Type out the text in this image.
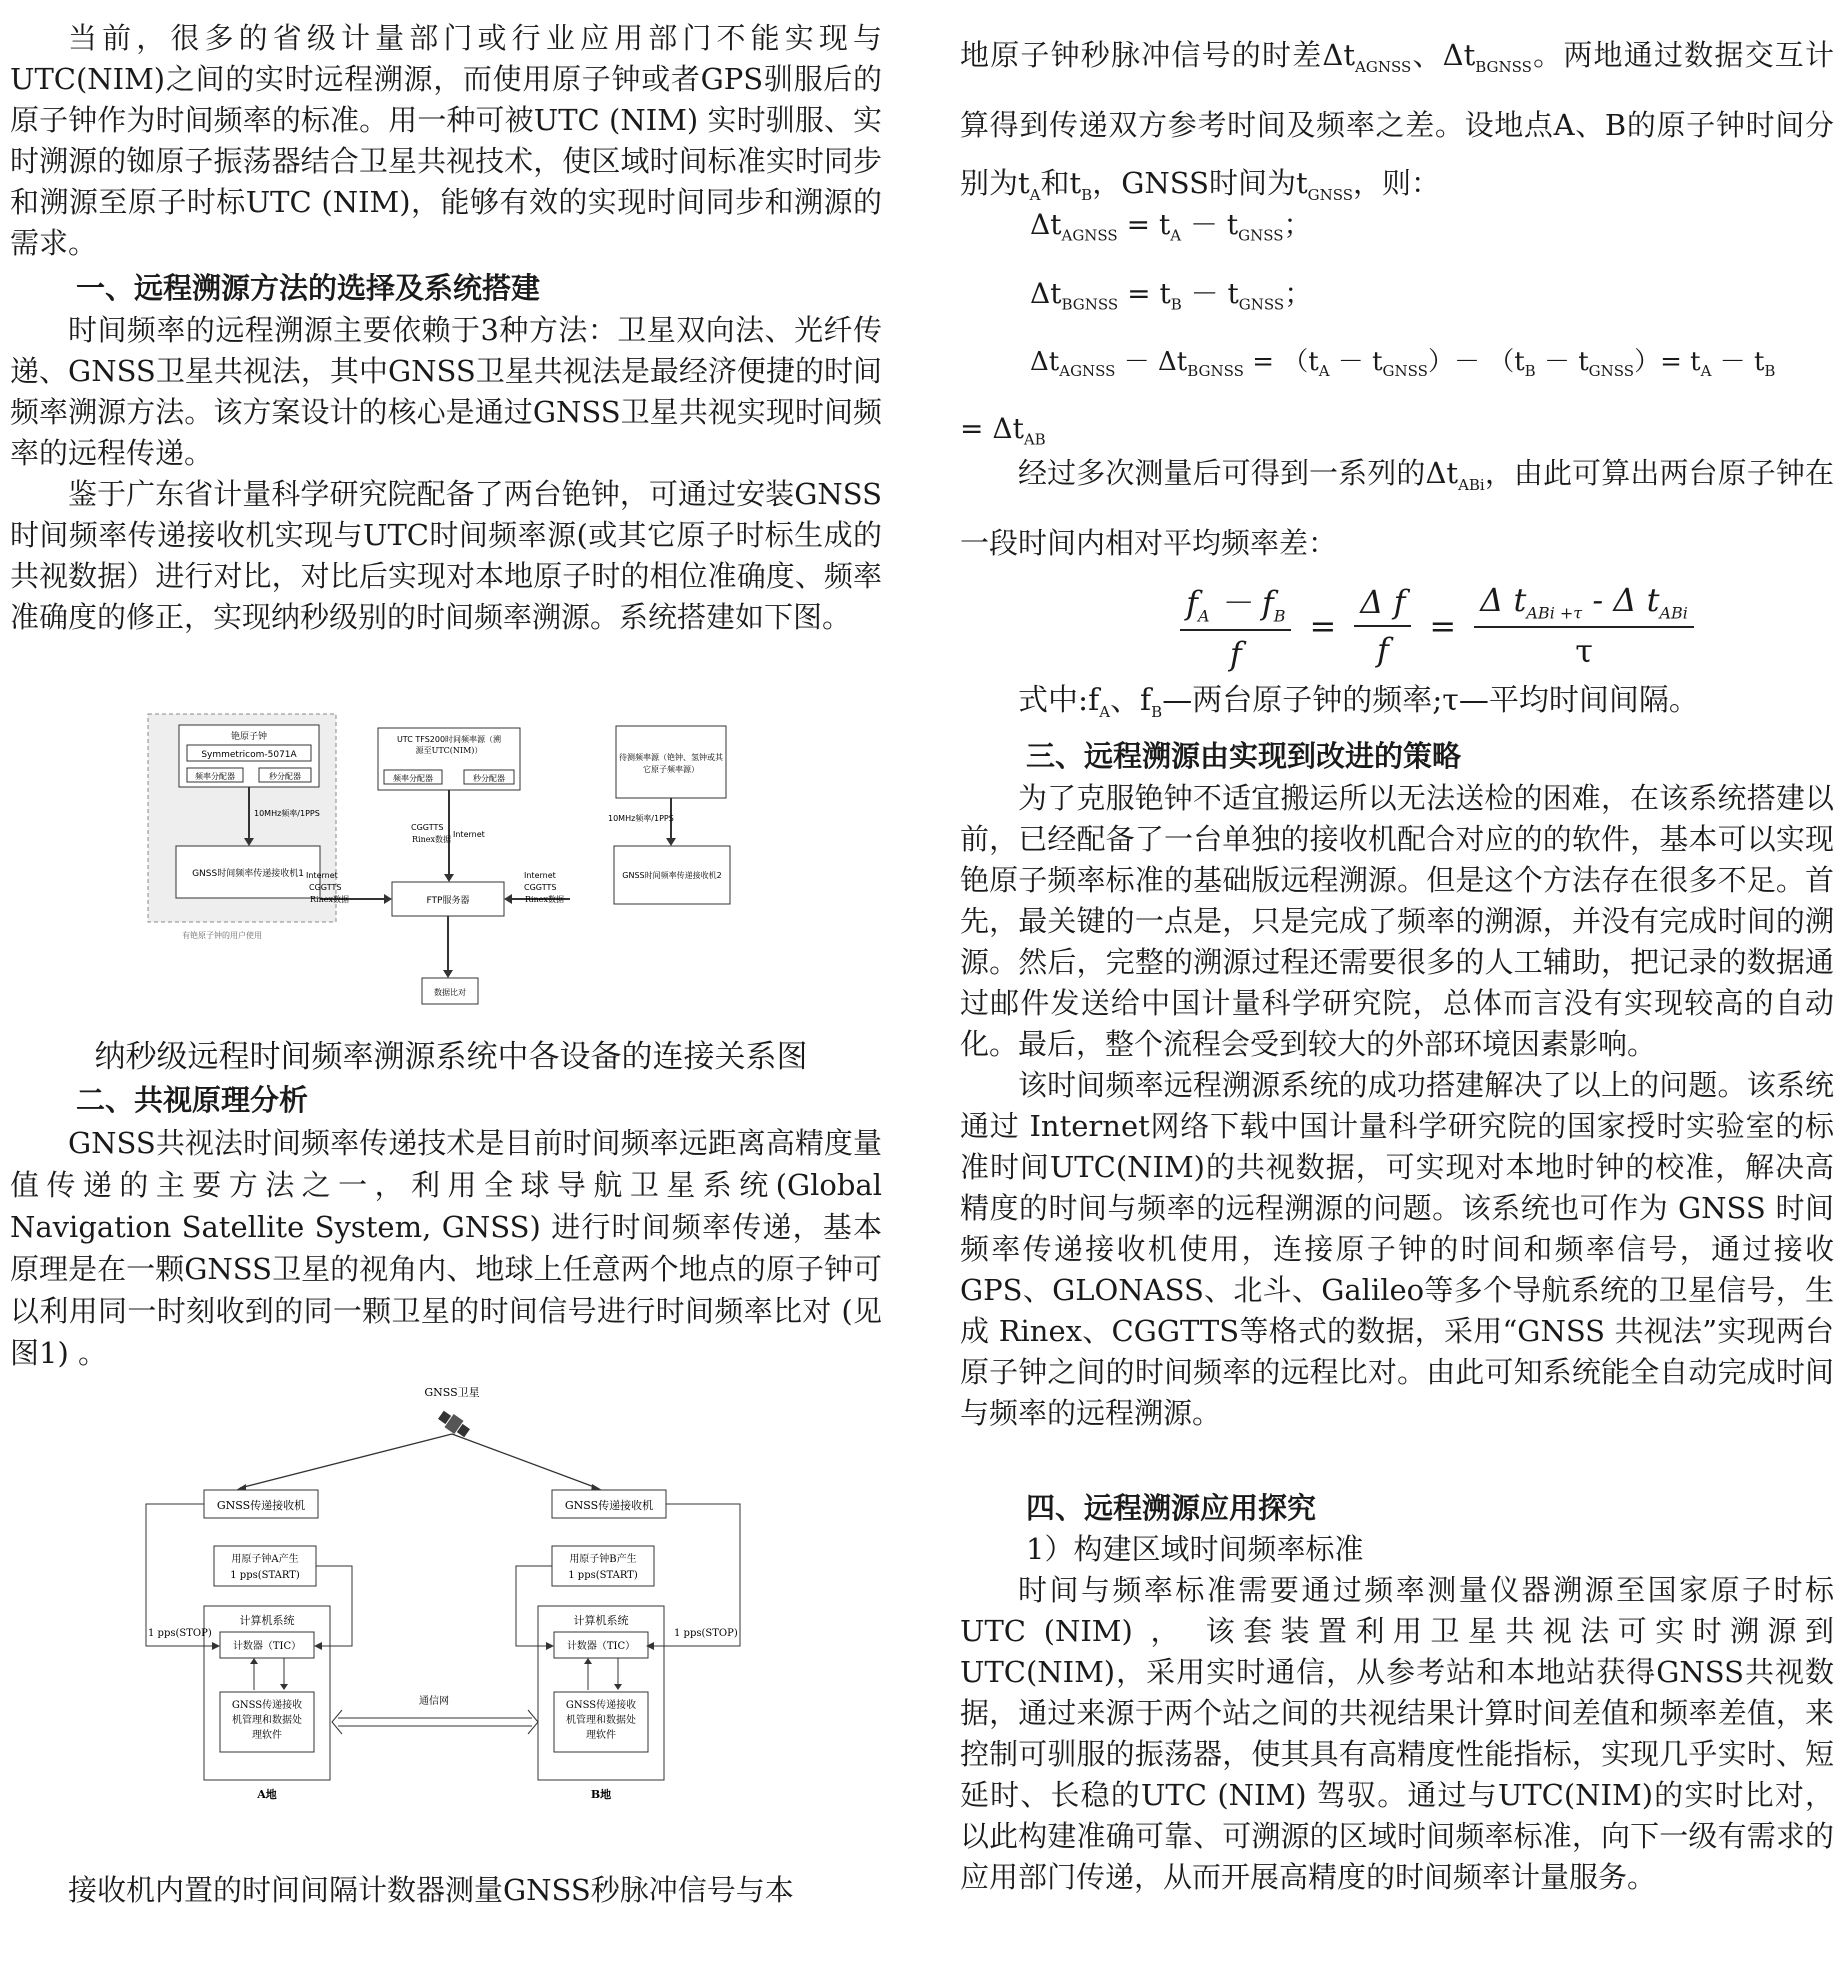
当前，很多的省级计量部门或行业应用部门不能实现与UTC(NIM)之间的实时远程溯源，而使用原子钟或者GPS驯服后的原子钟作为时间频率的标准。用一种可被UTC (NIM) 实时驯服、实时溯源的铷原子振荡器结合卫星共视技术，使区域时间标准实时同步和溯源至原子时标UTC (NIM)，能够有效的实现时间同步和溯源的需求。

一、远程溯源方法的选择及系统搭建

时间频率的远程溯源主要依赖于3种方法：卫星双向法、光纤传递、GNSS卫星共视法，其中GNSS卫星共视法是最经济便捷的时间频率溯源方法。该方案设计的核心是通过GNSS卫星共视实现时间频率的远程传递。

鉴于广东省计量科学研究院配备了两台铯钟，可通过安装GNSS时间频率传递接收机实现与UTC时间频率源(或其它原子时标生成的共视数据）进行对比，对比后实现对本地原子时的相位准确度、频率准确度的修正，实现纳秒级别的时间频率溯源。系统搭建如下图。

铯原子钟
Symmetricom-5071A
频率分配器	秒分配器
10MHz频率/1PPS
GNSS时间频率传递接收机1
有铯原子钟的用户使用
UTC TFS200时间频率源（溯
源至UTC(NIM)）
频率分配器	秒分配器
CGGTTS
Rinex数据
Internet
FTP服务器
Internet
CGGTTS
Rinex数据
Internet
CGGTTS
Rinex数据
待测频率源（铯钟、氢钟或其
它原子频率源）
10MHz频率/1PPS
GNSS时间频率传递接收机2
数据比对

纳秒级远程时间频率溯源系统中各设备的连接关系图

二、共视原理分析

GNSS共视法时间频率传递技术是目前时间频率远距离高精度量值传递的主要方法之一，利用全球导航卫星系统(Global Navigation Satellite System, GNSS) 进行时间频率传递，基本原理是在一颗GNSS卫星的视角内、地球上任意两个地点的原子钟可以利用同一时刻收到的同一颗卫星的时间信号进行时间频率比对 (见图1) 。

GNSS卫星
GNSS传递接收机	GNSS传递接收机
用原子钟A产生
1 pps(START)
用原子钟B产生
1 pps(START)
计算机系统
计数器（TIC）
GNSS传递接收
机管理和数据处
理软件
A地
计算机系统
计数器（TIC）
GNSS传递接收
机管理和数据处
理软件
B地
1 pps(STOP)	1 pps(STOP)
通信网

接收机内置的时间间隔计数器测量GNSS秒脉冲信号与本

地原子钟秒脉冲信号的时差$\Delta t_{AGNSS}$、$\Delta t_{BGNSS}$。两地通过数据交互计算得到传递双方参考时间及频率之差。设地点A、B的原子钟时间分别为$t_A$和$t_B$，GNSS时间为$t_{GNSS}$，则：

$\Delta t_{AGNSS} = t_A - t_{GNSS}$；
$\Delta t_{BGNSS} = t_B - t_{GNSS}$；
$\Delta t_{AGNSS} - \Delta t_{BGNSS} = (t_A - t_{GNSS})- (t_B - t_{GNSS})= t_A - t_B$
= $\Delta t_{AB}$

经过多次测量后可得到一系列的$\Delta t_{ABi}$，由此可算出两台原子钟在一段时间内相对平均频率差：

$\frac{f_A - f_B}{f} = \frac{\text{Δ f}}{f} = \frac{\Delta t_{ABi +\tau} - \Delta t_{ABi}}{\tau}$

式中$:f_A$、$f_B—$两台原子钟的频率;τ—平均时间间隔。

三、远程溯源由实现到改进的策略

为了克服铯钟不适宜搬运所以无法送检的困难，在该系统搭建以前，已经配备了一台单独的接收机配合对应的的软件，基本可以实现铯原子频率标准的基础版远程溯源。但是这个方法存在很多不足。首先，最关键的一点是，只是完成了频率的溯源，并没有完成时间的溯源。然后，完整的溯源过程还需要很多的人工辅助，把记录的数据通过邮件发送给中国计量科学研究院，总体而言没有实现较高的自动化。最后，整个流程会受到较大的外部环境因素影响。

该时间频率远程溯源系统的成功搭建解决了以上的问题。该系统通过 Internet网络下载中国计量科学研究院的国家授时实验室的标准时间UTC(NIM)的共视数据，可实现对本地时钟的校准，解决高精度的时间与频率的远程溯源的问题。该系统也可作为 GNSS 时间频率传递接收机使用，连接原子钟的时间和频率信号，通过接收 GPS、GLONASS、北斗、Galileo等多个导航系统的卫星信号，生成 Rinex、CGGTTS等格式的数据，采用“GNSS 共视法”实现两台原子钟之间的时间频率的远程比对。由此可知系统能全自动完成时间与频率的远程溯源。

四、远程溯源应用探究

1）构建区域时间频率标准

时间与频率标准需要通过频率测量仪器溯源至国家原子时标UTC (NIM) ， 该套装置利用卫星共视法可实时溯源到UTC(NIM)，采用实时通信，从参考站和本地站获得GNSS共视数据，通过来源于两个站之间的共视结果计算时间差值和频率差值，来控制可驯服的振荡器，使其具有高精度性能指标，实现几乎实时、短延时、长稳的UTC (NIM) 驾驭。通过与UTC(NIM)的实时比对，以此构建准确可靠、可溯源的区域时间频率标准，向下一级有需求的应用部门传递，从而开展高精度的时间频率计量服务。
